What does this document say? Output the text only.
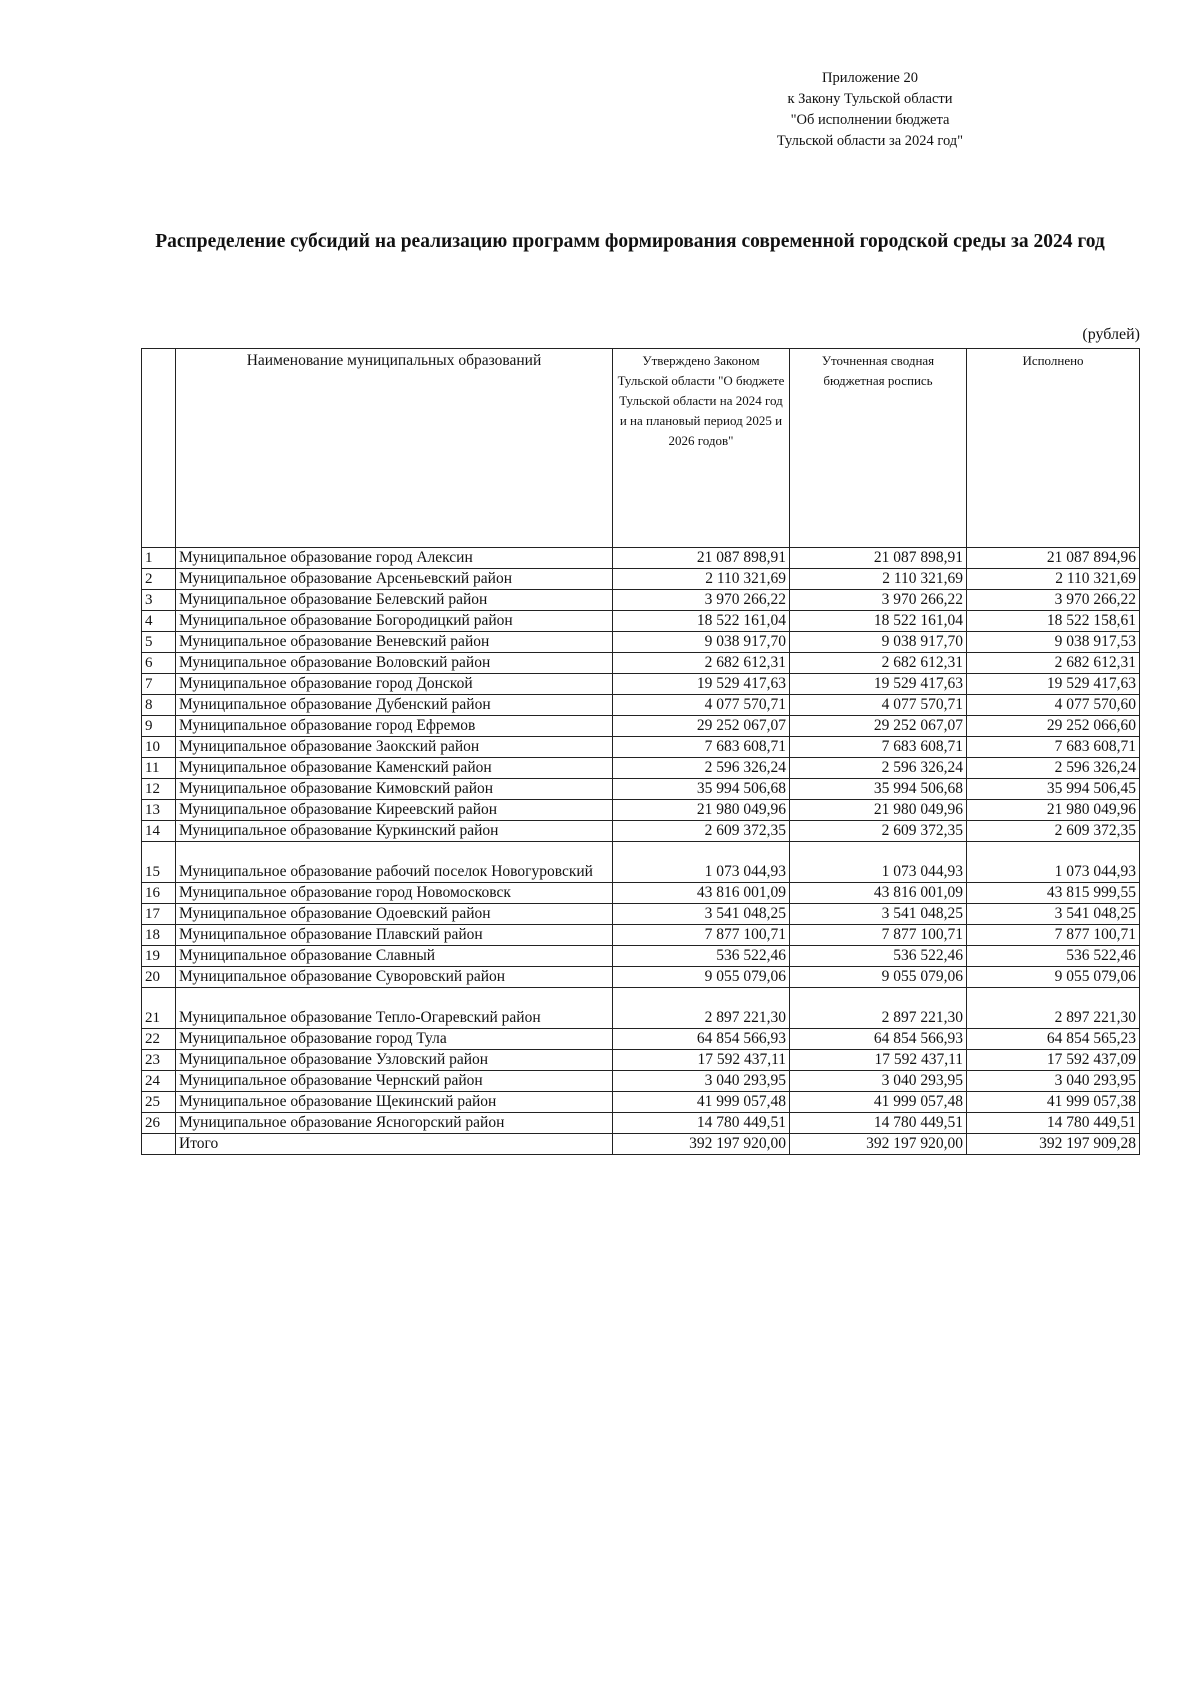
Приложение 20
к Закону Тульской области
"Об исполнении бюджета
Тульской области за 2024 год"
Распределение субсидий на реализацию программ формирования современной городской среды за 2024 год
(рублей)
	Наименование муниципальных образований	Утверждено Законом Тульской области "О бюджете Тульской области на 2024 год и на плановый период 2025 и 2026 годов"	Уточненная сводная бюджетная роспись	Исполнено
1	Муниципальное образование город Алексин	21 087 898,91	21 087 898,91	21 087 894,96
2	Муниципальное образование Арсеньевский район	2 110 321,69	2 110 321,69	2 110 321,69
3	Муниципальное образование Белевский район	3 970 266,22	3 970 266,22	3 970 266,22
4	Муниципальное образование Богородицкий район	18 522 161,04	18 522 161,04	18 522 158,61
5	Муниципальное образование Веневский район	9 038 917,70	9 038 917,70	9 038 917,53
6	Муниципальное образование Воловский район	2 682 612,31	2 682 612,31	2 682 612,31
7	Муниципальное образование город Донской	19 529 417,63	19 529 417,63	19 529 417,63
8	Муниципальное образование Дубенский район	4 077 570,71	4 077 570,71	4 077 570,60
9	Муниципальное образование город Ефремов	29 252 067,07	29 252 067,07	29 252 066,60
10	Муниципальное образование Заокский район	7 683 608,71	7 683 608,71	7 683 608,71
11	Муниципальное образование Каменский район	2 596 326,24	2 596 326,24	2 596 326,24
12	Муниципальное образование Кимовский район	35 994 506,68	35 994 506,68	35 994 506,45
13	Муниципальное образование Киреевский район	21 980 049,96	21 980 049,96	21 980 049,96
14	Муниципальное образование Куркинский район	2 609 372,35	2 609 372,35	2 609 372,35
15	Муниципальное образование рабочий поселок Новогуровский	1 073 044,93	1 073 044,93	1 073 044,93
16	Муниципальное образование город Новомосковск	43 816 001,09	43 816 001,09	43 815 999,55
17	Муниципальное образование Одоевский район	3 541 048,25	3 541 048,25	3 541 048,25
18	Муниципальное образование Плавский район	7 877 100,71	7 877 100,71	7 877 100,71
19	Муниципальное образование Славный	536 522,46	536 522,46	536 522,46
20	Муниципальное образование Суворовский район	9 055 079,06	9 055 079,06	9 055 079,06
21	Муниципальное образование Тепло-Огаревский район	2 897 221,30	2 897 221,30	2 897 221,30
22	Муниципальное образование город Тула	64 854 566,93	64 854 566,93	64 854 565,23
23	Муниципальное образование Узловский район	17 592 437,11	17 592 437,11	17 592 437,09
24	Муниципальное образование Чернский район	3 040 293,95	3 040 293,95	3 040 293,95
25	Муниципальное образование Щекинский район	41 999 057,48	41 999 057,48	41 999 057,38
26	Муниципальное образование Ясногорский район	14 780 449,51	14 780 449,51	14 780 449,51
	Итого	392 197 920,00	392 197 920,00	392 197 909,28
